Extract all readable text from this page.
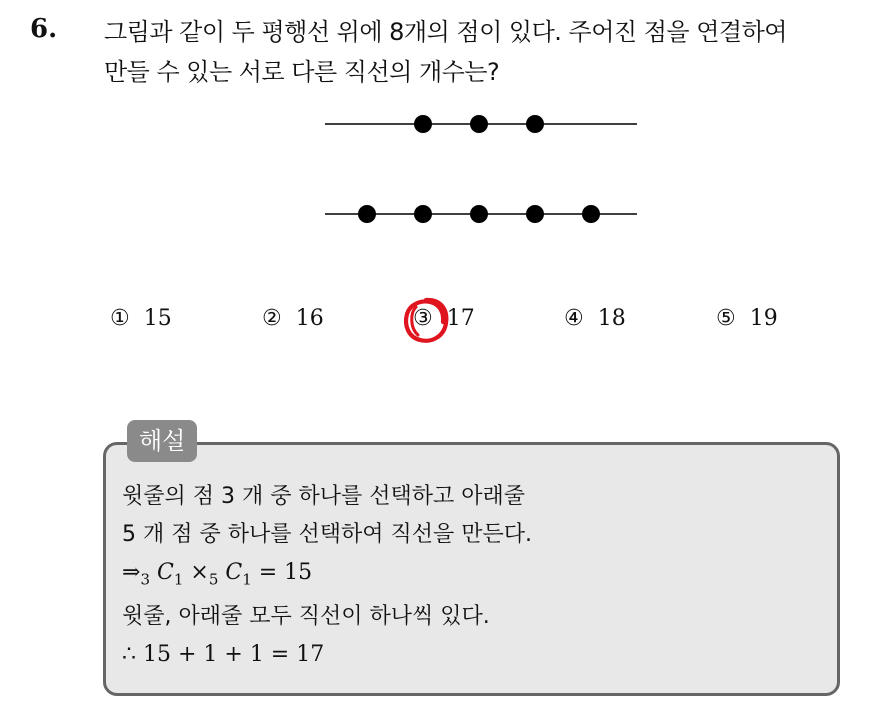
6. 그림과 같이 두 평행선 위에 8개의 점이 있다. 주어진 점을 연결하여
만들 수 있는 서로 다른 직선의 개수는?
① 15	② 16	③ 17	④ 18	⑤ 19
해설
윗줄의 점 3 개 중 하나를 선택하고 아래줄
5 개 점 중 하나를 선택하여 직선을 만든다.
$\Rightarrow_3$ $C_1 \times_5$ $C_1 = 15$
윗줄, 아래줄 모두 직선이 하나씩 있다.
∴ 15 + 1 + 1 = 17
